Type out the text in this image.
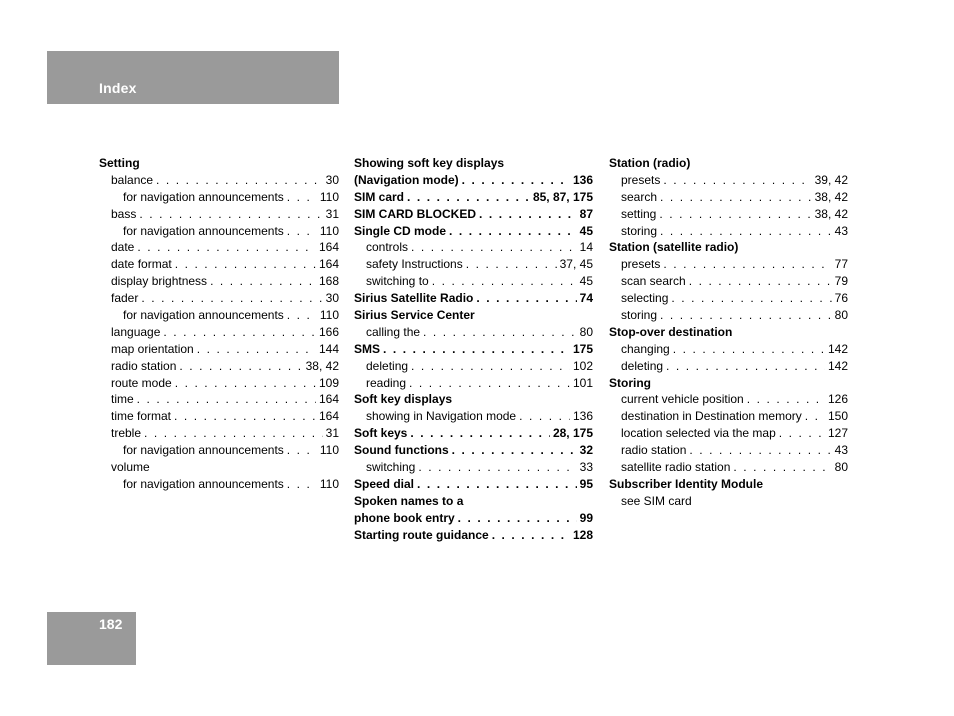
Index
Setting
balance . . .	30
for navigation announcements . . .	110
bass . . .	31
for navigation announcements . . .	110
date . . .	164
date format . . .	164
display brightness . . .	168
fader . . .	30
for navigation announcements . . .	110
language . . .	166
map orientation . . .	144
radio station . . .	38, 42
route mode . . .	109
time . . .	164
time format . . .	164
treble . . .	31
for navigation announcements . . .	110
volume
for navigation announcements . . .	110
Showing soft key displays
(Navigation mode) . . .	136
SIM card . . .	85, 87, 175
SIM CARD BLOCKED . . .	87
Single CD mode . . .	45
controls . . .	14
safety Instructions . . .	37, 45
switching to . . .	45
Sirius Satellite Radio . . .	74
Sirius Service Center
calling the . . .	80
SMS . . .	175
deleting . . .	102
reading . . .	101
Soft key displays
showing in Navigation mode . . .	136
Soft keys . . .	28, 175
Sound functions . . .	32
switching . . .	33
Speed dial . . .	95
Spoken names to a
phone book entry . . .	99
Starting route guidance . . .	128
Station (radio)
presets . . .	39, 42
search . . .	38, 42
setting . . .	38, 42
storing . . .	43
Station (satellite radio)
presets . . .	77
scan search . . .	79
selecting . . .	76
storing . . .	80
Stop-over destination
changing . . .	142
deleting . . .	142
Storing
current vehicle position . . .	126
destination in Destination memory . . . 150
location selected via the map . . .	127
radio station . . .	43
satellite radio station . . .	80
Subscriber Identity Module
see SIM card
182
